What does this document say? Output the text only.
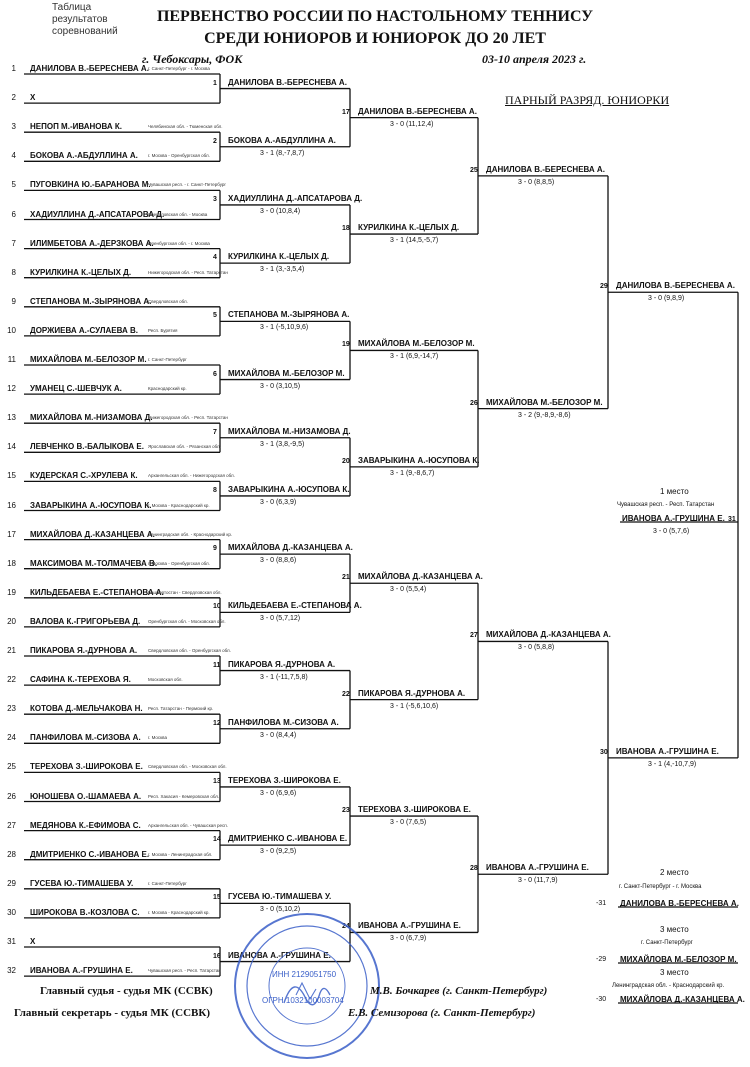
Таблица
результатов
соревнований
ПЕРВЕНСТВО РОССИИ ПО НАСТОЛЬНОМУ ТЕННИСУ
СРЕДИ ЮНИОРОВ И ЮНИОРОК ДО 20 ЛЕТ
г. Чебоксары, ФОК	03-10 апреля 2023 г.
ПАРНЫЙ РАЗРЯД. ЮНИОРКИ
1 ДАНИЛОВА В.-БЕРЕСНЕВА А. г. Санкт-Петербург - г. Москва
2 Х
3 НЕПОП М.-ИВАНОВА К.	Челябинская обл. - Тюменская обл.
4 БОКОВА А.-АБДУЛЛИНА А. г. Москва - Оренбургская обл.
5 ПУГОВКИНА Ю.-БАРАНОВА М.
Чувашская респ. - г. Санкт-Петербург
6 ХАДИУЛЛИНА Д.-АПСАТАРОВА Д.
Свердловская обл. - Москва
7 ИЛИМБЕТОВА А.-ДЕРЗКОВА А.
Оренбургская обл. - г. Москва
8 КУРИЛКИНА К.-ЦЕЛЫХ Д.	Нижегородская обл. - Респ. Татарстан
9 СТЕПАНОВА М.-ЗЫРЯНОВА А.
Свердловская обл.
10 ДОРЖИЕВА А.-СУЛАЕВА В. Респ. Бурятия
11 МИХАЙЛОВА М.-БЕЛОЗОР М. г. Санкт-Петербург
12 УМАНЕЦ С.-ШЕВЧУК А.	Краснодарский кр.
13 МИХАЙЛОВА М.-НИЗАМОВА Д.
Нижегородская обл. - Респ. Татарстан
14 ЛЕВЧЕНКО В.-БАЛЫКОВА Е. Ярославская обл. - Рязанская обл.
15 КУДЕРСКАЯ С.-ХРУЛЕВА К. Архангельская обл. - Нижегородская обл.
16 ЗАВАРЫКИНА А.-ЮСУПОВА К.
г. Москва - Краснодарский кр.
17 МИХАЙЛОВА Д.-КАЗАНЦЕВА А.
Ленинградская обл. - Краснодарский кр.
18 МАКСИМОВА М.-ТОЛМАЧЕВА В.
г. Москва - Оренбургская обл.
19 КИЛЬДЕБАЕВА Е.-СТЕПАНОВА А.
Башкортостан - Свердловская обл.
20 ВАЛОВА К.-ГРИГОРЬЕВА Д. Оренбургская обл. - Московская обл.
21 ПИКАРОВА Я.-ДУРНОВА А. Свердловская обл. - Оренбургская обл.
22 САФИНА К.-ТЕРЕХОВА Я.	Московская обл.
23 КОТОВА Д.-МЕЛЬЧАКОВА Н. Респ. Татарстан - Пермский кр.
24 ПАНФИЛОВА М.-СИЗОВА А. г. Москва
25 ТЕРЕХОВА З.-ШИРОКОВА Е. Свердловская обл. - Московская обл.
26 ЮНОШЕВА О.-ШАМАЕВА А. Респ. Хакасия - Кемеровская обл.
27 МЕДЯНОВА К.-ЕФИМОВА С. Архангельская обл. - Чувашская респ.
28 ДМИТРИЕНКО С.-ИВАНОВА Е.
г. Москва - Ленинградская обл.
29 ГУСЕВА Ю.-ТИМАШЕВА У.	г. Санкт-Петербург
30 ШИРОКОВА В.-КОЗЛОВА С. г. Москва - Краснодарский кр.
31 Х
32 ИВАНОВА А.-ГРУШИНА Е.	Чувашская респ. - Респ. Татарстан
1
2
3
4
5
6
7
8
9
10
11
12
13
14
15
16
ДАНИЛОВА В.-БЕРЕСНЕВА А.
БОКОВА А.-АБДУЛЛИНА А.
3 - 1 (8,-7,8,7)
ХАДИУЛЛИНА Д.-АПСАТАРОВА Д.
3 - 0 (10,8,4)
КУРИЛКИНА К.-ЦЕЛЫХ Д.
3 - 1 (3,-3,5,4)
СТЕПАНОВА М.-ЗЫРЯНОВА А.
3 - 1 (-5,10,9,6)
МИХАЙЛОВА М.-БЕЛОЗОР М.
3 - 0 (3,10,5)
МИХАЙЛОВА М.-НИЗАМОВА Д.
3 - 1 (3,8,-9,5)
ЗАВАРЫКИНА А.-ЮСУПОВА К.
3 - 0 (6,3,9)
МИХАЙЛОВА Д.-КАЗАНЦЕВА А.
3 - 0 (8,8,6)
КИЛЬДЕБАЕВА Е.-СТЕПАНОВА А.
3 - 0 (5,7,12)
ПИКАРОВА Я.-ДУРНОВА А.
3 - 1 (-11,7,5,8)
ПАНФИЛОВА М.-СИЗОВА А.
3 - 0 (8,4,4)
ТЕРЕХОВА З.-ШИРОКОВА Е.
3 - 0 (6,9,6)
ДМИТРИЕНКО С.-ИВАНОВА Е.
3 - 0 (9,2,5)
ГУСЕВА Ю.-ТИМАШЕВА У.
3 - 0 (5,10,2)
ИВАНОВА А.-ГРУШИНА Е.
17
18
19
20
21
22
23
24
ДАНИЛОВА В.-БЕРЕСНЕВА А.
3 - 0 (11,12,4)
КУРИЛКИНА К.-ЦЕЛЫХ Д.
3 - 1 (14,5,-5,7)
МИХАЙЛОВА М.-БЕЛОЗОР М.
3 - 1 (6,9,-14,7)
ЗАВАРЫКИНА А.-ЮСУПОВА К.
3 - 1 (9,-8,6,7)
МИХАЙЛОВА Д.-КАЗАНЦЕВА А.
3 - 0 (5,5,4)
ПИКАРОВА Я.-ДУРНОВА А.
3 - 1 (-5,6,10,6)
ТЕРЕХОВА З.-ШИРОКОВА Е.
3 - 0 (7,6,5)
ИВАНОВА А.-ГРУШИНА Е.
3 - 0 (6,7,9)
25
26
27
28
ДАНИЛОВА В.-БЕРЕСНЕВА А.
3 - 0 (8,8,5)
МИХАЙЛОВА М.-БЕЛОЗОР М.
3 - 2 (9,-8,9,-8,6)
МИХАЙЛОВА Д.-КАЗАНЦЕВА А.
3 - 0 (5,8,8)
ИВАНОВА А.-ГРУШИНА Е.
3 - 0 (11,7,9)
29
30
ДАНИЛОВА В.-БЕРЕСНЕВА А.
3 - 0 (9,8,9)
ИВАНОВА А.-ГРУШИНА Е.
3 - 1 (4,-10,7,9)
31
1 место
Чувашская респ. - Респ. Татарстан
ИВАНОВА А.-ГРУШИНА Е.
3 - 0 (5,7,6)
2 место
г. Санкт-Петербург - г. Москва
-31 ДАНИЛОВА В.-БЕРЕСНЕВА А.
3 место
г. Санкт-Петербург
-29 МИХАЙЛОВА М.-БЕЛОЗОР М.
3 место
Ленинградская обл. - Краснодарский кр.
-30 МИХАЙЛОВА Д.-КАЗАНЦЕВА А.
ИНН 2129051750
ОГРН 1032100003704
Главный судья - судья МК (ССВК)	М.В. Бочкарев (г. Санкт-Петербург)
Главный секретарь - судья МК (ССВК)	Е.В. Семизорова (г. Санкт-Петербург)
